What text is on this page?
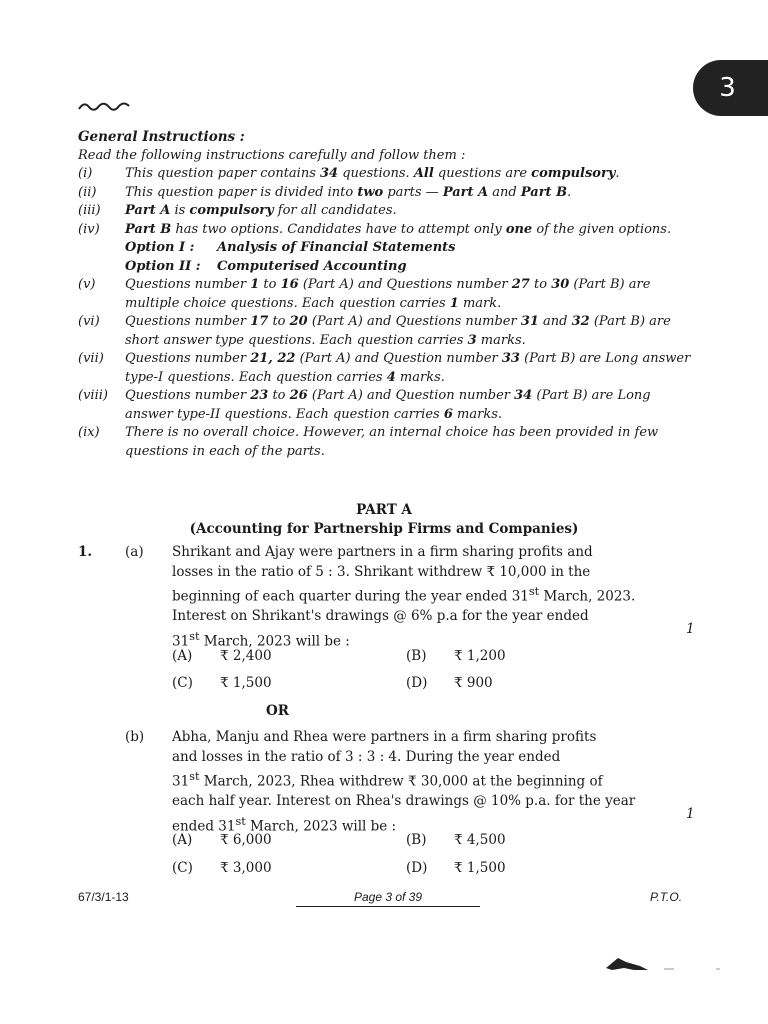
3
General Instructions :
Read the following instructions carefully and follow them :
(i)	This question paper contains 34 questions. All questions are compulsory.
(ii)	This question paper is divided into two parts — Part A and Part B.
(iii)	Part A is compulsory for all candidates.
(iv)	Part B has two options. Candidates have to attempt only one of the given options.
Option I :	Analysis of Financial Statements
Option II :	Computerised Accounting
(v)	Questions number 1 to 16 (Part A) and Questions number 27 to 30 (Part B) are multiple choice questions. Each question carries 1 mark.
(vi)	Questions number 17 to 20 (Part A) and Questions number 31 and 32 (Part B) are short answer type questions. Each question carries 3 marks.
(vii)	Questions number 21, 22 (Part A) and Question number 33 (Part B) are Long answer type-I questions. Each question carries 4 marks.
(viii)	Questions number 23 to 26 (Part A) and Question number 34 (Part B) are Long answer type-II questions. Each question carries 6 marks.
(ix)	There is no overall choice. However, an internal choice has been provided in few questions in each of the parts.
PART A
(Accounting for Partnership Firms and Companies)
1. (a) Shrikant and Ajay were partners in a firm sharing profits and
losses in the ratio of 5 : 3. Shrikant withdrew ₹ 10,000 in the
beginning of each quarter during the year ended 31st March, 2023.
Interest on Shrikant's drawings @ 6% p.a for the year ended
31st March, 2023 will be :
1
(A) ₹ 2,400	(B) ₹ 1,200
(C) ₹ 1,500	(D) ₹ 900
OR
(b) Abha, Manju and Rhea were partners in a firm sharing profits
and losses in the ratio of 3 : 3 : 4. During the year ended
31st March, 2023, Rhea withdrew ₹ 30,000 at the beginning of
each half year. Interest on Rhea's drawings @ 10% p.a. for the year
ended 31st March, 2023 will be :
1
(A) ₹ 6,000	(B) ₹ 4,500
(C) ₹ 3,000	(D) ₹ 1,500
67/3/1-13	Page 3 of 39	P.T.O.
